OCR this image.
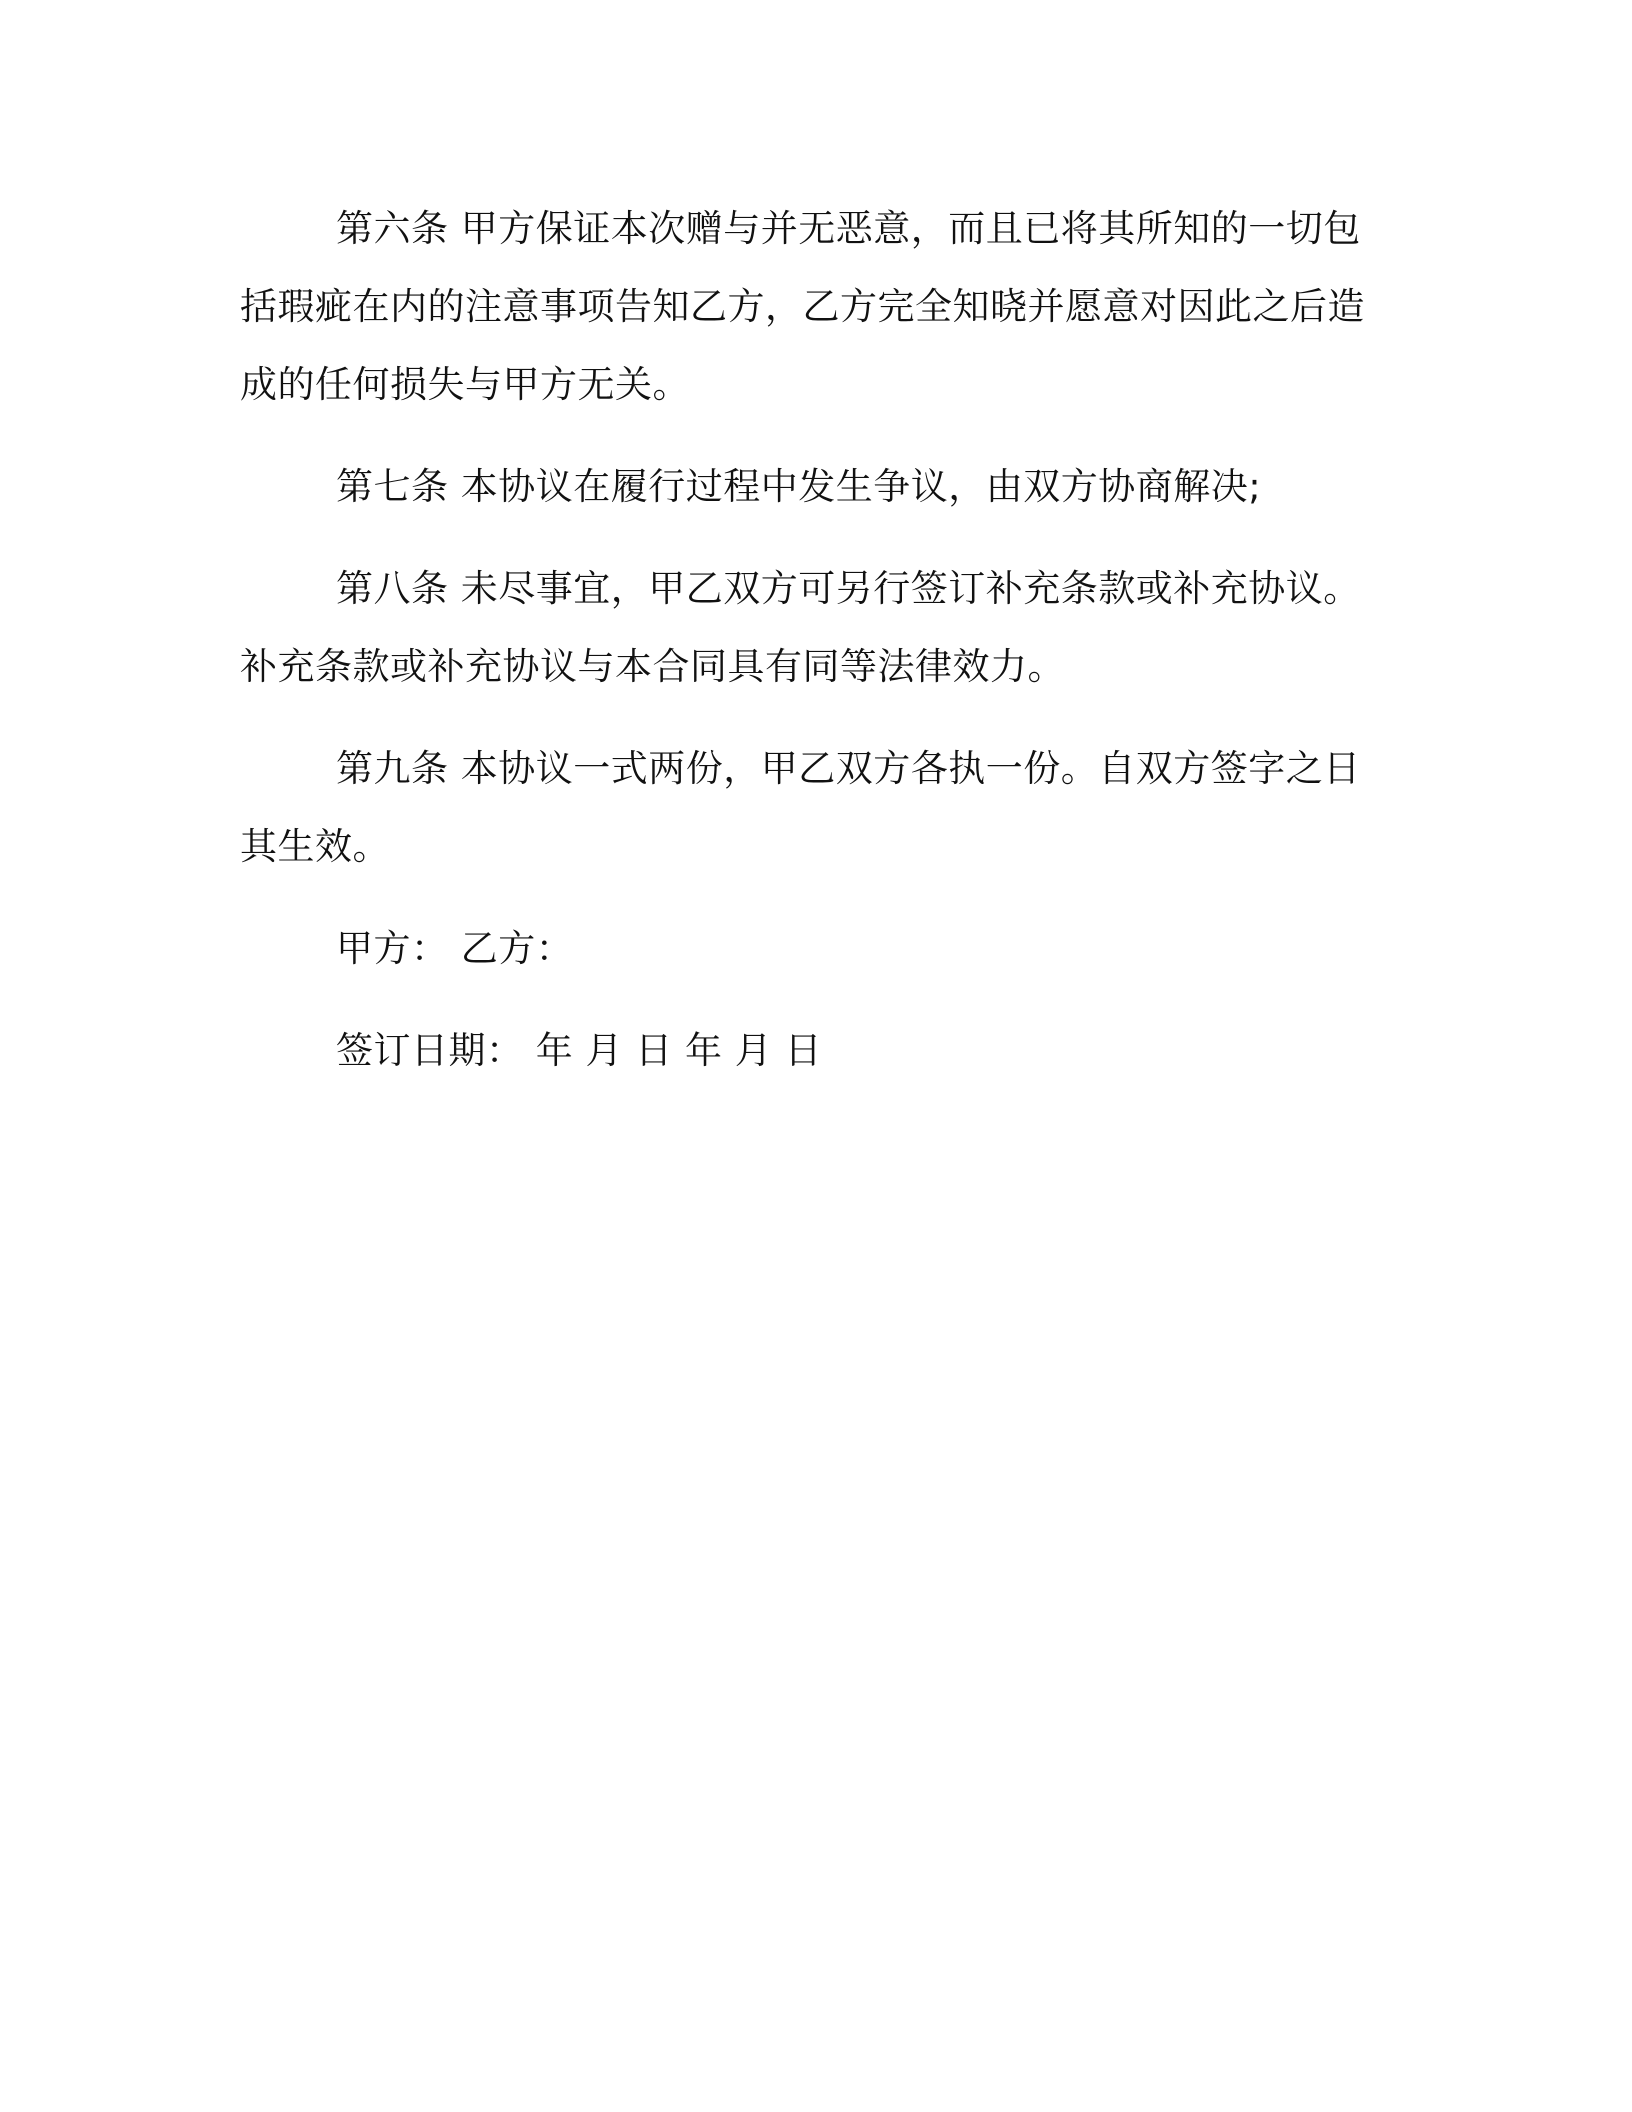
第六条 甲方保证本次赠与并无恶意，而且已将其所知的一切包括瑕疵在内的注意事项告知乙方，乙方完全知晓并愿意对因此之后造成的任何损失与甲方无关。

第七条 本协议在履行过程中发生争议，由双方协商解决;

第八条 未尽事宜，甲乙双方可另行签订补充条款或补充协议。补充条款或补充协议与本合同具有同等法律效力。

第九条 本协议一式两份，甲乙双方各执一份。自双方签字之日其生效。

甲方： 乙方：

签订日期： 年 月 日 年 月 日
